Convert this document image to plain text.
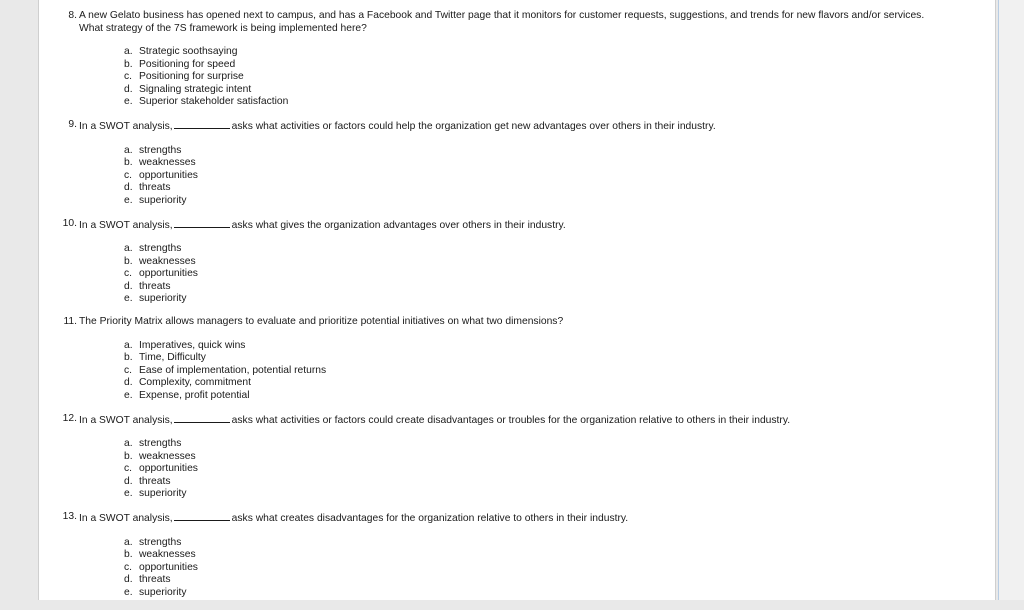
8. A new Gelato business has opened next to campus, and has a Facebook and Twitter page that it monitors for customer requests, suggestions, and trends for new flavors and/or services.
What strategy of the 7S framework is being implemented here?
a. Strategic soothsaying
b. Positioning for speed
c. Positioning for surprise
d. Signaling strategic intent
e. Superior stakeholder satisfaction
9. In a SWOT analysis,	asks what activities or factors could help the organization get new advantages over others in their industry.
a. strengths
b. weaknesses
c. opportunities
d. threats
e. superiority
10. In a SWOT analysis,	asks what gives the organization advantages over others in their industry.
a. strengths
b. weaknesses
c. opportunities
d. threats
e. superiority
11. The Priority Matrix allows managers to evaluate and prioritize potential initiatives on what two dimensions?
a. Imperatives, quick wins
b. Time, Difficulty
c. Ease of implementation, potential returns
d. Complexity, commitment
e. Expense, profit potential
12. In a SWOT analysis,	asks what activities or factors could create disadvantages or troubles for the organization relative to others in their industry.
a. strengths
b. weaknesses
c. opportunities
d. threats
e. superiority
13. In a SWOT analysis,	asks what creates disadvantages for the organization relative to others in their industry.
a. strengths
b. weaknesses
c. opportunities
d. threats
e. superiority
